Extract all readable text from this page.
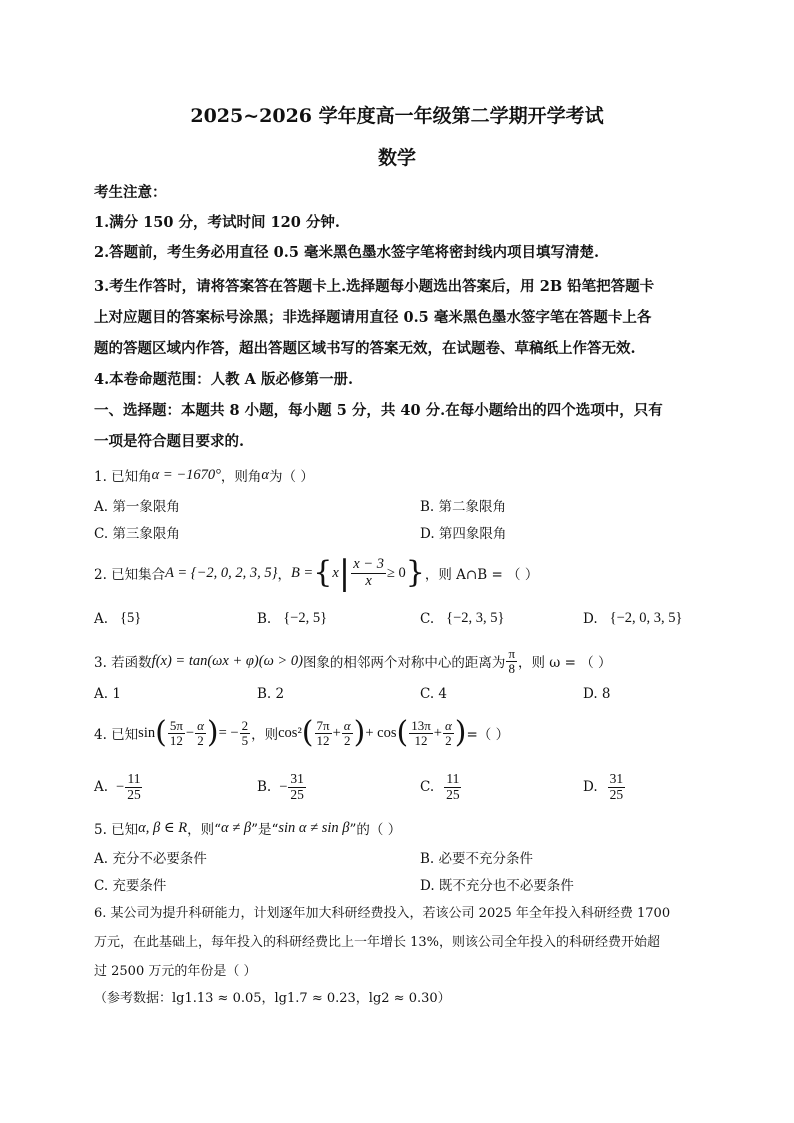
2025~2026 学年度高一年级第二学期开学考试
数学
考生注意：
1.满分 150 分，考试时间 120 分钟.
2.答题前，考生务必用直径 0.5 毫米黑色墨水签字笔将密封线内项目填写清楚.
3.考生作答时，请将答案答在答题卡上.选择题每小题选出答案后，用 2B 铅笔把答题卡
上对应题目的答案标号涂黑；非选择题请用直径 0.5 毫米黑色墨水签字笔在答题卡上各
题的答题区域内作答，超出答题区域书写的答案无效，在试题卷、草稿纸上作答无效.
4.本卷命题范围：人教 A 版必修第一册.
一、选择题：本题共 8 小题，每小题 5 分，共 40 分.在每小题给出的四个选项中，只有
一项是符合题目要求的.
1. 已知角 α = −1670° ，则角 α 为（ ）
A. 第一象限角	B. 第二象限角
C. 第三象限角	D. 第四象限角
2. 已知集合 A = {−2, 0, 2, 3, 5} ， B = { x | $\frac{x - 3}{x} \ge 0$ } ，则 A∩B = （ ）
A. {5}	B. {−2, 5}	C. {−2, 3, 5}	D. {−2, 0, 3, 5}
3. 若函数 f(x) = tan(ωx + φ)(ω > 0) 图象的相邻两个对称中心的距离为 $\frac{\pi}{8}$ ，则 ω = （ ）
A. 1	B. 2	C. 4	D. 8
4. 已知 sin ( $\frac{5\pi}{12} - \frac{\alpha}{2}$ ) = − $\frac{2}{5}$ ，则 cos² ( $\frac{7\pi}{12} + \frac{\alpha}{2}$ ) + cos ( $\frac{13\pi}{12} + \frac{\alpha}{2}$ ) =（ ）
A. − $\frac{11}{25}$	B. − $\frac{31}{25}$	C. $\frac{11}{25}$	D. $\frac{31}{25}$
5. 已知 α, β ∈ R ，则“ α ≠ β ”是“ sin α ≠ sin β ”的（ ）
A. 充分不必要条件	B. 必要不充分条件
C. 充要条件	D. 既不充分也不必要条件
6. 某公司为提升科研能力，计划逐年加大科研经费投入，若该公司 2025 年全年投入科研经费 1700
万元，在此基础上，每年投入的科研经费比上一年增长 13%，则该公司全年投入的科研经费开始超
过 2500 万元的年份是（ ）
（参考数据：lg1.13 ≈ 0.05，lg1.7 ≈ 0.23，lg2 ≈ 0.30）
